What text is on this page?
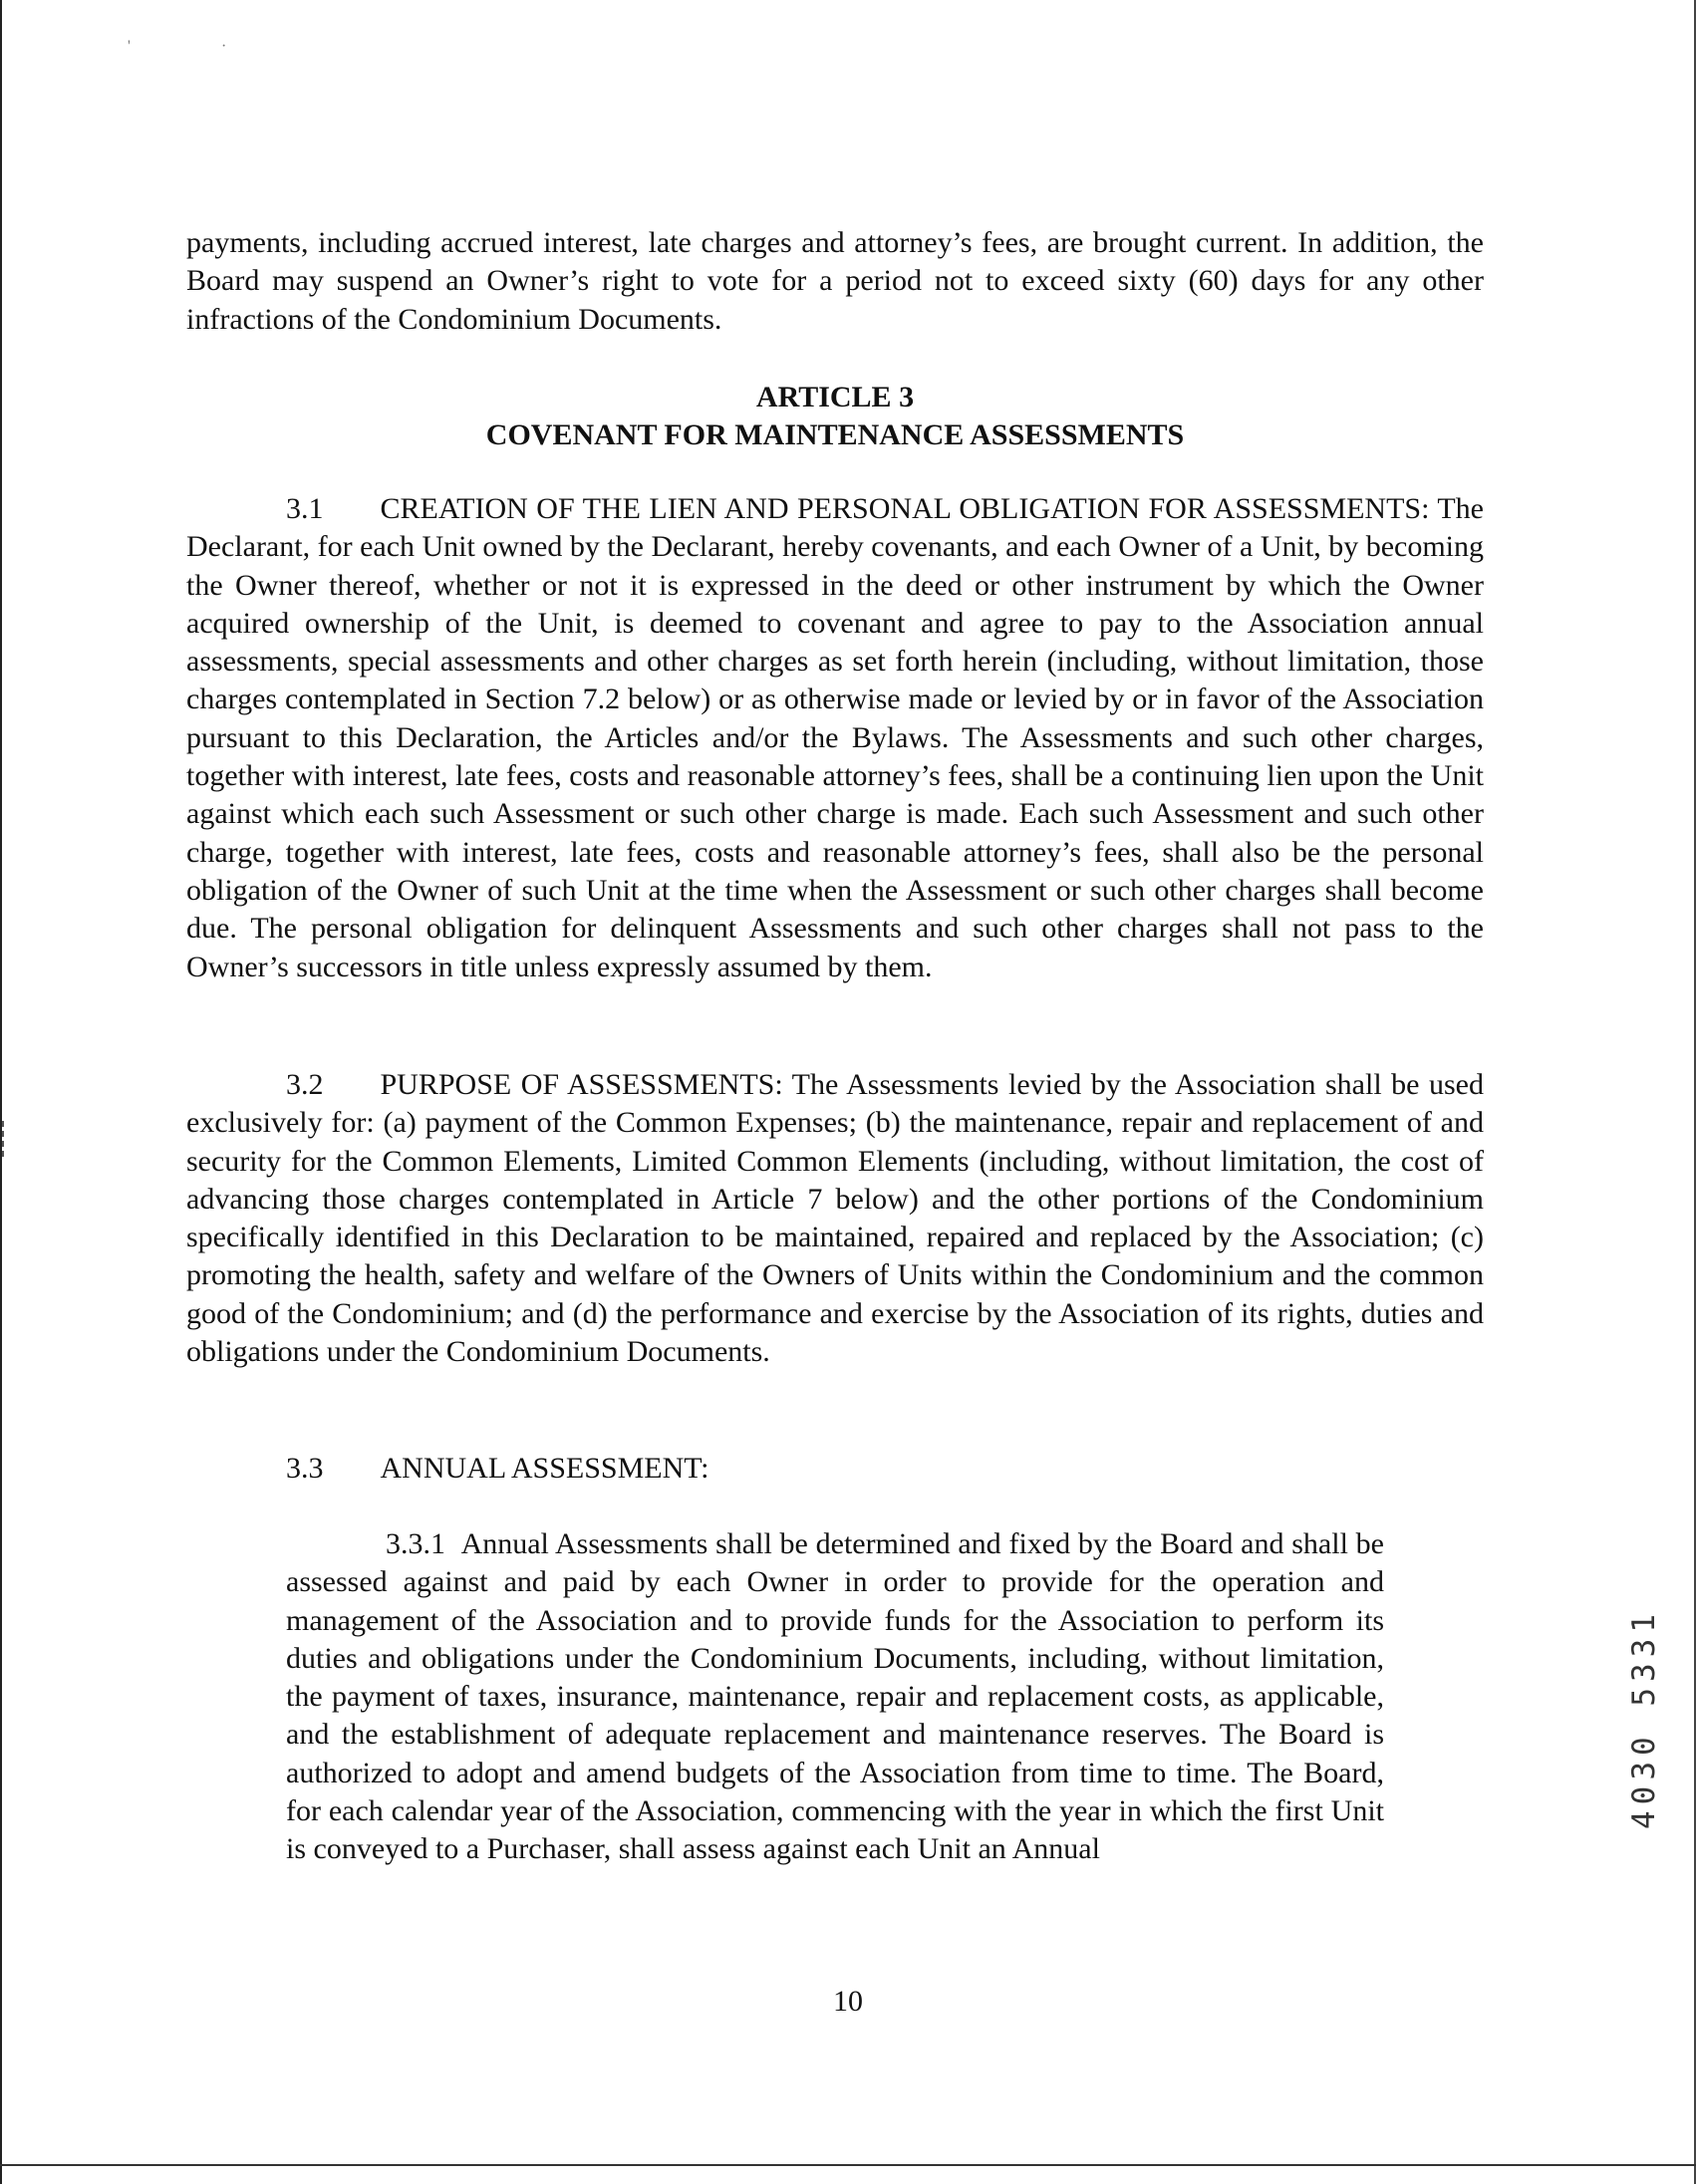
'	·

payments, including accrued interest, late charges and attorney’s fees, are brought current. In addition, the Board may suspend an Owner’s right to vote for a period not to exceed sixty (60) days for any other infractions of the Condominium Documents.

ARTICLE 3
COVENANT FOR MAINTENANCE ASSESSMENTS

3.1 CREATION OF THE LIEN AND PERSONAL OBLIGATION FOR ASSESSMENTS: The Declarant, for each Unit owned by the Declarant, hereby covenants, and each Owner of a Unit, by becoming the Owner thereof, whether or not it is expressed in the deed or other instrument by which the Owner acquired ownership of the Unit, is deemed to covenant and agree to pay to the Association annual assessments, special assessments and other charges as set forth herein (including, without limitation, those charges contemplated in Section 7.2 below) or as otherwise made or levied by or in favor of the Association pursuant to this Declaration, the Articles and/or the Bylaws. The Assessments and such other charges, together with interest, late fees, costs and reasonable attorney’s fees, shall be a continuing lien upon the Unit against which each such Assessment or such other charge is made. Each such Assessment and such other charge, together with interest, late fees, costs and reasonable attorney’s fees, shall also be the personal obligation of the Owner of such Unit at the time when the Assessment or such other charges shall become due. The personal obligation for delinquent Assessments and such other charges shall not pass to the Owner’s successors in title unless expressly assumed by them.

3.2 PURPOSE OF ASSESSMENTS: The Assessments levied by the Association shall be used exclusively for: (a) payment of the Common Expenses; (b) the maintenance, repair and replacement of and security for the Common Elements, Limited Common Elements (including, without limitation, the cost of advancing those charges contemplated in Article 7 below) and the other portions of the Condominium specifically identified in this Declaration to be maintained, repaired and replaced by the Association; (c) promoting the health, safety and welfare of the Owners of Units within the Condominium and the common good of the Condominium; and (d) the performance and exercise by the Association of its rights, duties and obligations under the Condominium Documents.

3.3 ANNUAL ASSESSMENT:

3.3.1 Annual Assessments shall be determined and fixed by the Board and shall be assessed against and paid by each Owner in order to provide for the operation and management of the Association and to provide funds for the Association to perform its duties and obligations under the Condominium Documents, including, without limitation, the payment of taxes, insurance, maintenance, repair and replacement costs, as applicable, and the establishment of adequate replacement and maintenance reserves. The Board is authorized to adopt and amend budgets of the Association from time to time. The Board, for each calendar year of the Association, commencing with the year in which the first Unit is conveyed to a Purchaser, shall assess against each Unit an Annual

10
4030 5331
